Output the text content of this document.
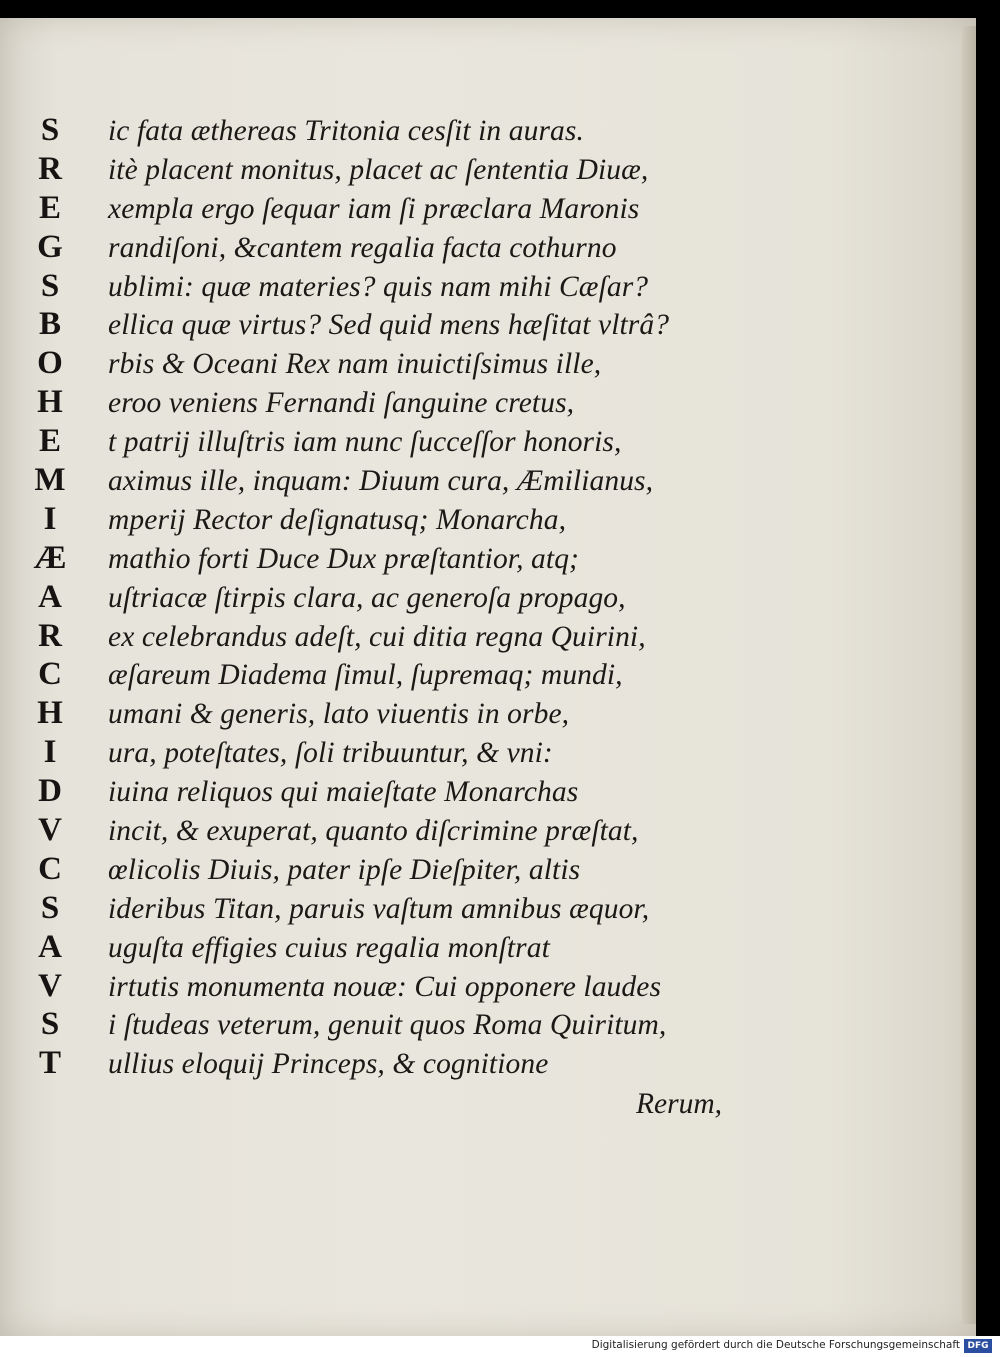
S	ic fata æthereas Tritonia cesſit in auras.
R	itè placent monitus, placet ac ſententia Diuæ,
E	xempla ergo ſequar iam ſi præclara Maronis
G	randiſoni, &cantem regalia facta cothurno
S	ublimi: quæ materies? quis nam mihi Cæſar?
B	ellica quæ virtus? Sed quid mens hæſitat vltrâ?
O	rbis & Oceani Rex nam inuictiſsimus ille,
H	eroo veniens Fernandi ſanguine cretus,
E	t patrij illuſtris iam nunc ſucceſſor honoris,
M	aximus ille, inquam: Diuum cura, Æmilianus,
I	mperij Rector deſignatusq; Monarcha,
Æ	mathio forti Duce Dux præſtantior, atq;
A	uſtriacæ ſtirpis clara, ac generoſa propago,
R	ex celebrandus adeſt, cui ditia regna Quirini,
C	æſareum Diadema ſimul, ſupremaq; mundi,
H	umani & generis, lato viuentis in orbe,
I	ura, poteſtates, ſoli tribuuntur, & vni:
D	iuina reliquos qui maieſtate Monarchas
V	incit, & exuperat, quanto diſcrimine præſtat,
C	œlicolis Diuis, pater ipſe Dieſpiter, altis
S	ideribus Titan, paruis vaſtum amnibus æquor,
A	uguſta effigies cuius regalia monſtrat
V	irtutis monumenta nouæ: Cui opponere laudes
S	i ſtudeas veterum, genuit quos Roma Quiritum,
T	ullius eloquij Princeps, & cognitione
Rerum,
Digitalisierung gefördert durch die Deutsche Forschungsgemeinschaft DFG
